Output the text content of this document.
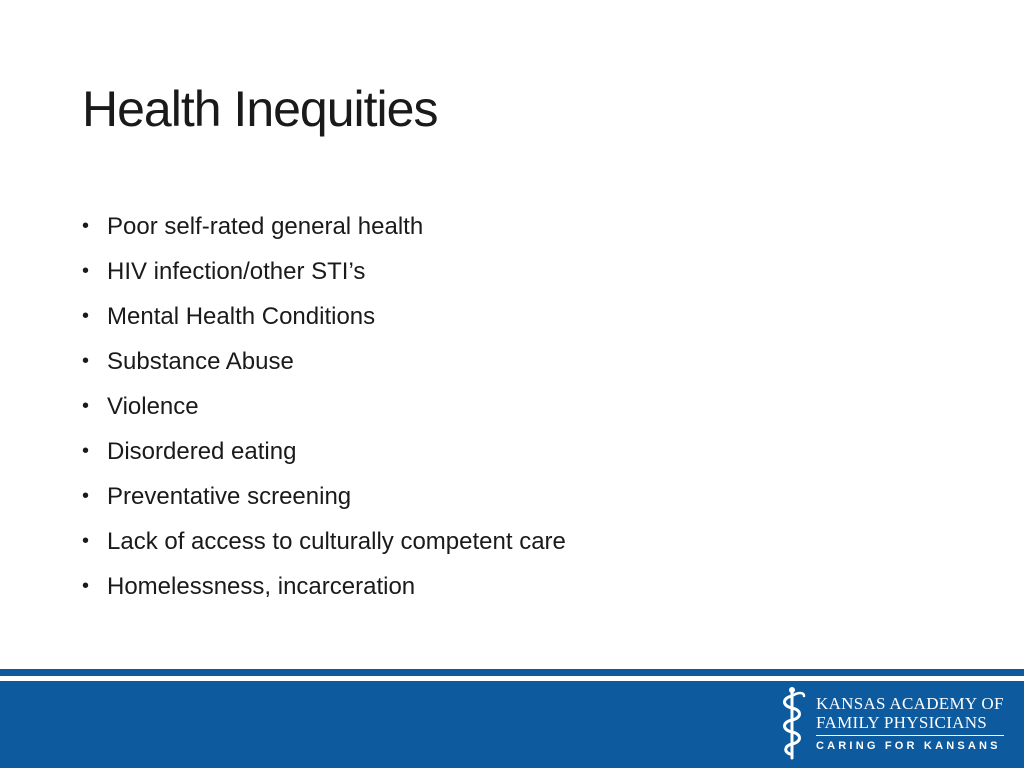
Health Inequities
• Poor self-rated general health
• HIV infection/other STI’s
• Mental Health Conditions
• Substance Abuse
• Violence
• Disordered eating
• Preventative screening
• Lack of access to culturally competent care
• Homelessness, incarceration
KANSAS ACADEMY OF
FAMILY PHYSICIANS
CARING FOR KANSANS
